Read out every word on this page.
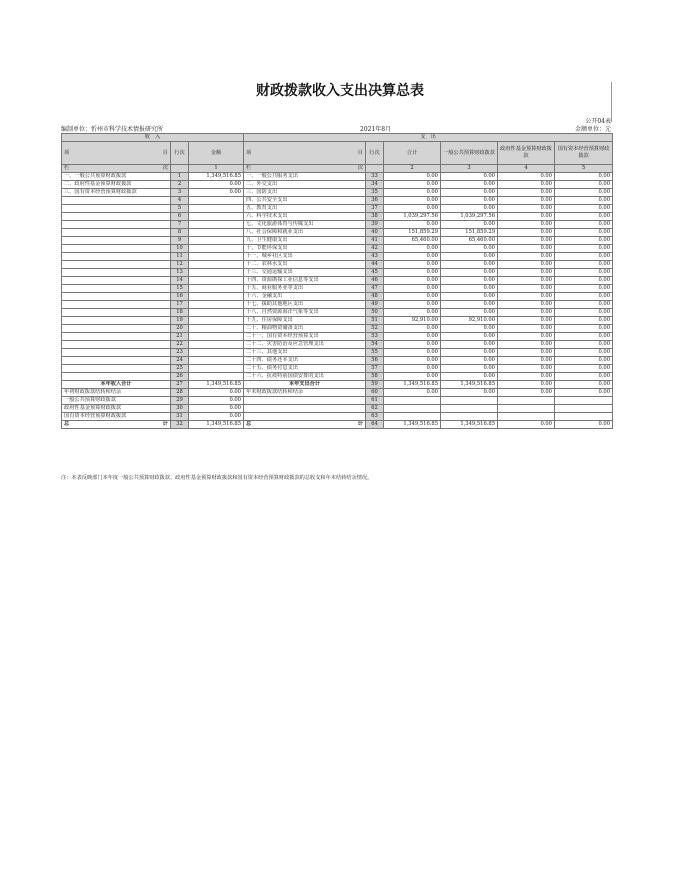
财政拨款收入支出决算总表
公开04表
编制单位：忻州市科学技术情报研究所	2021年8月	金额单位：元
收　入			支　出					

项 目	行次	金额	项 目	行次	合计	一般公共预算财政拨款	政府性基金预算财政拨款	国有资本经营预算财政拨款

栏 次		1	栏 次		2	3	4	5
一、一般公共预算财政拨款	1	1,349,516.85	一、一般公共服务支出	33	0.00	0.00	0.00	0.00
二、政府性基金预算财政拨款	2	0.00	二、外交支出	34	0.00	0.00	0.00	0.00
三、国有资本经营预算财政拨款	3	0.00	三、国防支出	35	0.00	0.00	0.00	0.00
	4		四、公共安全支出	36	0.00	0.00	0.00	0.00
	5		五、教育支出	37	0.00	0.00	0.00	0.00
	6		六、科学技术支出	38	1,039,297.56	1,039,297.56	0.00	0.00
	7		七、文化旅游体育与传媒支出	39	0.00	0.00	0.00	0.00
	8		八、社会保障和就业支出	40	151,859.29	151,859.29	0.00	0.00
	9		九、卫生健康支出	41	65,460.00	65,460.00	0.00	0.00
	10		十、节能环保支出	42	0.00	0.00	0.00	0.00
	11		十一、城乡社区支出	43	0.00	0.00	0.00	0.00
	12		十二、农林水支出	44	0.00	0.00	0.00	0.00
	13		十三、交通运输支出	45	0.00	0.00	0.00	0.00
	14		十四、资源勘探工业信息等支出	46	0.00	0.00	0.00	0.00
	15		十五、商业服务业等支出	47	0.00	0.00	0.00	0.00
	16		十六、金融支出	48	0.00	0.00	0.00	0.00
	17		十七、援助其他地区支出	49	0.00	0.00	0.00	0.00
	18		十八、自然资源海洋气象等支出	50	0.00	0.00	0.00	0.00
	19		十九、住房保障支出	51	92,910.00	92,910.00	0.00	0.00
	20		二十、粮油物资储备支出	52	0.00	0.00	0.00	0.00
	21		二十一、国有资本经营预算支出	53	0.00	0.00	0.00	0.00
	22		二十二、灾害防治及应急管理支出	54	0.00	0.00	0.00	0.00
	23		二十三、其他支出	55	0.00	0.00	0.00	0.00
	24		二十四、债务还本支出	56	0.00	0.00	0.00	0.00
	25		二十五、债务付息支出	57	0.00	0.00	0.00	0.00
	26		二十六、抗疫特别国债安排的支出	58	0.00	0.00	0.00	0.00
本年收入合计	27	1,349,516.85	本年支出合计	59	1,349,516.85	1,349,516.85	0.00	0.00
年初财政拨款结转和结余	28	0.00	年末财政拨款结转和结余	60	0.00	0.00	0.00	0.00
一般公共预算财政拨款	29	0.00		61				
政府性基金预算财政拨款	30	0.00		62				
国有资本经营预算财政拨款	31	0.00		63				

总 计	32	1,349,516.85	总 计	64	1,349,516.85	1,349,516.85	0.00	0.00
注：本表反映部门本年度一般公共预算财政拨款、政府性基金预算财政拨款和国有资本经营预算财政拨款的总收支和年末结转结余情况。
